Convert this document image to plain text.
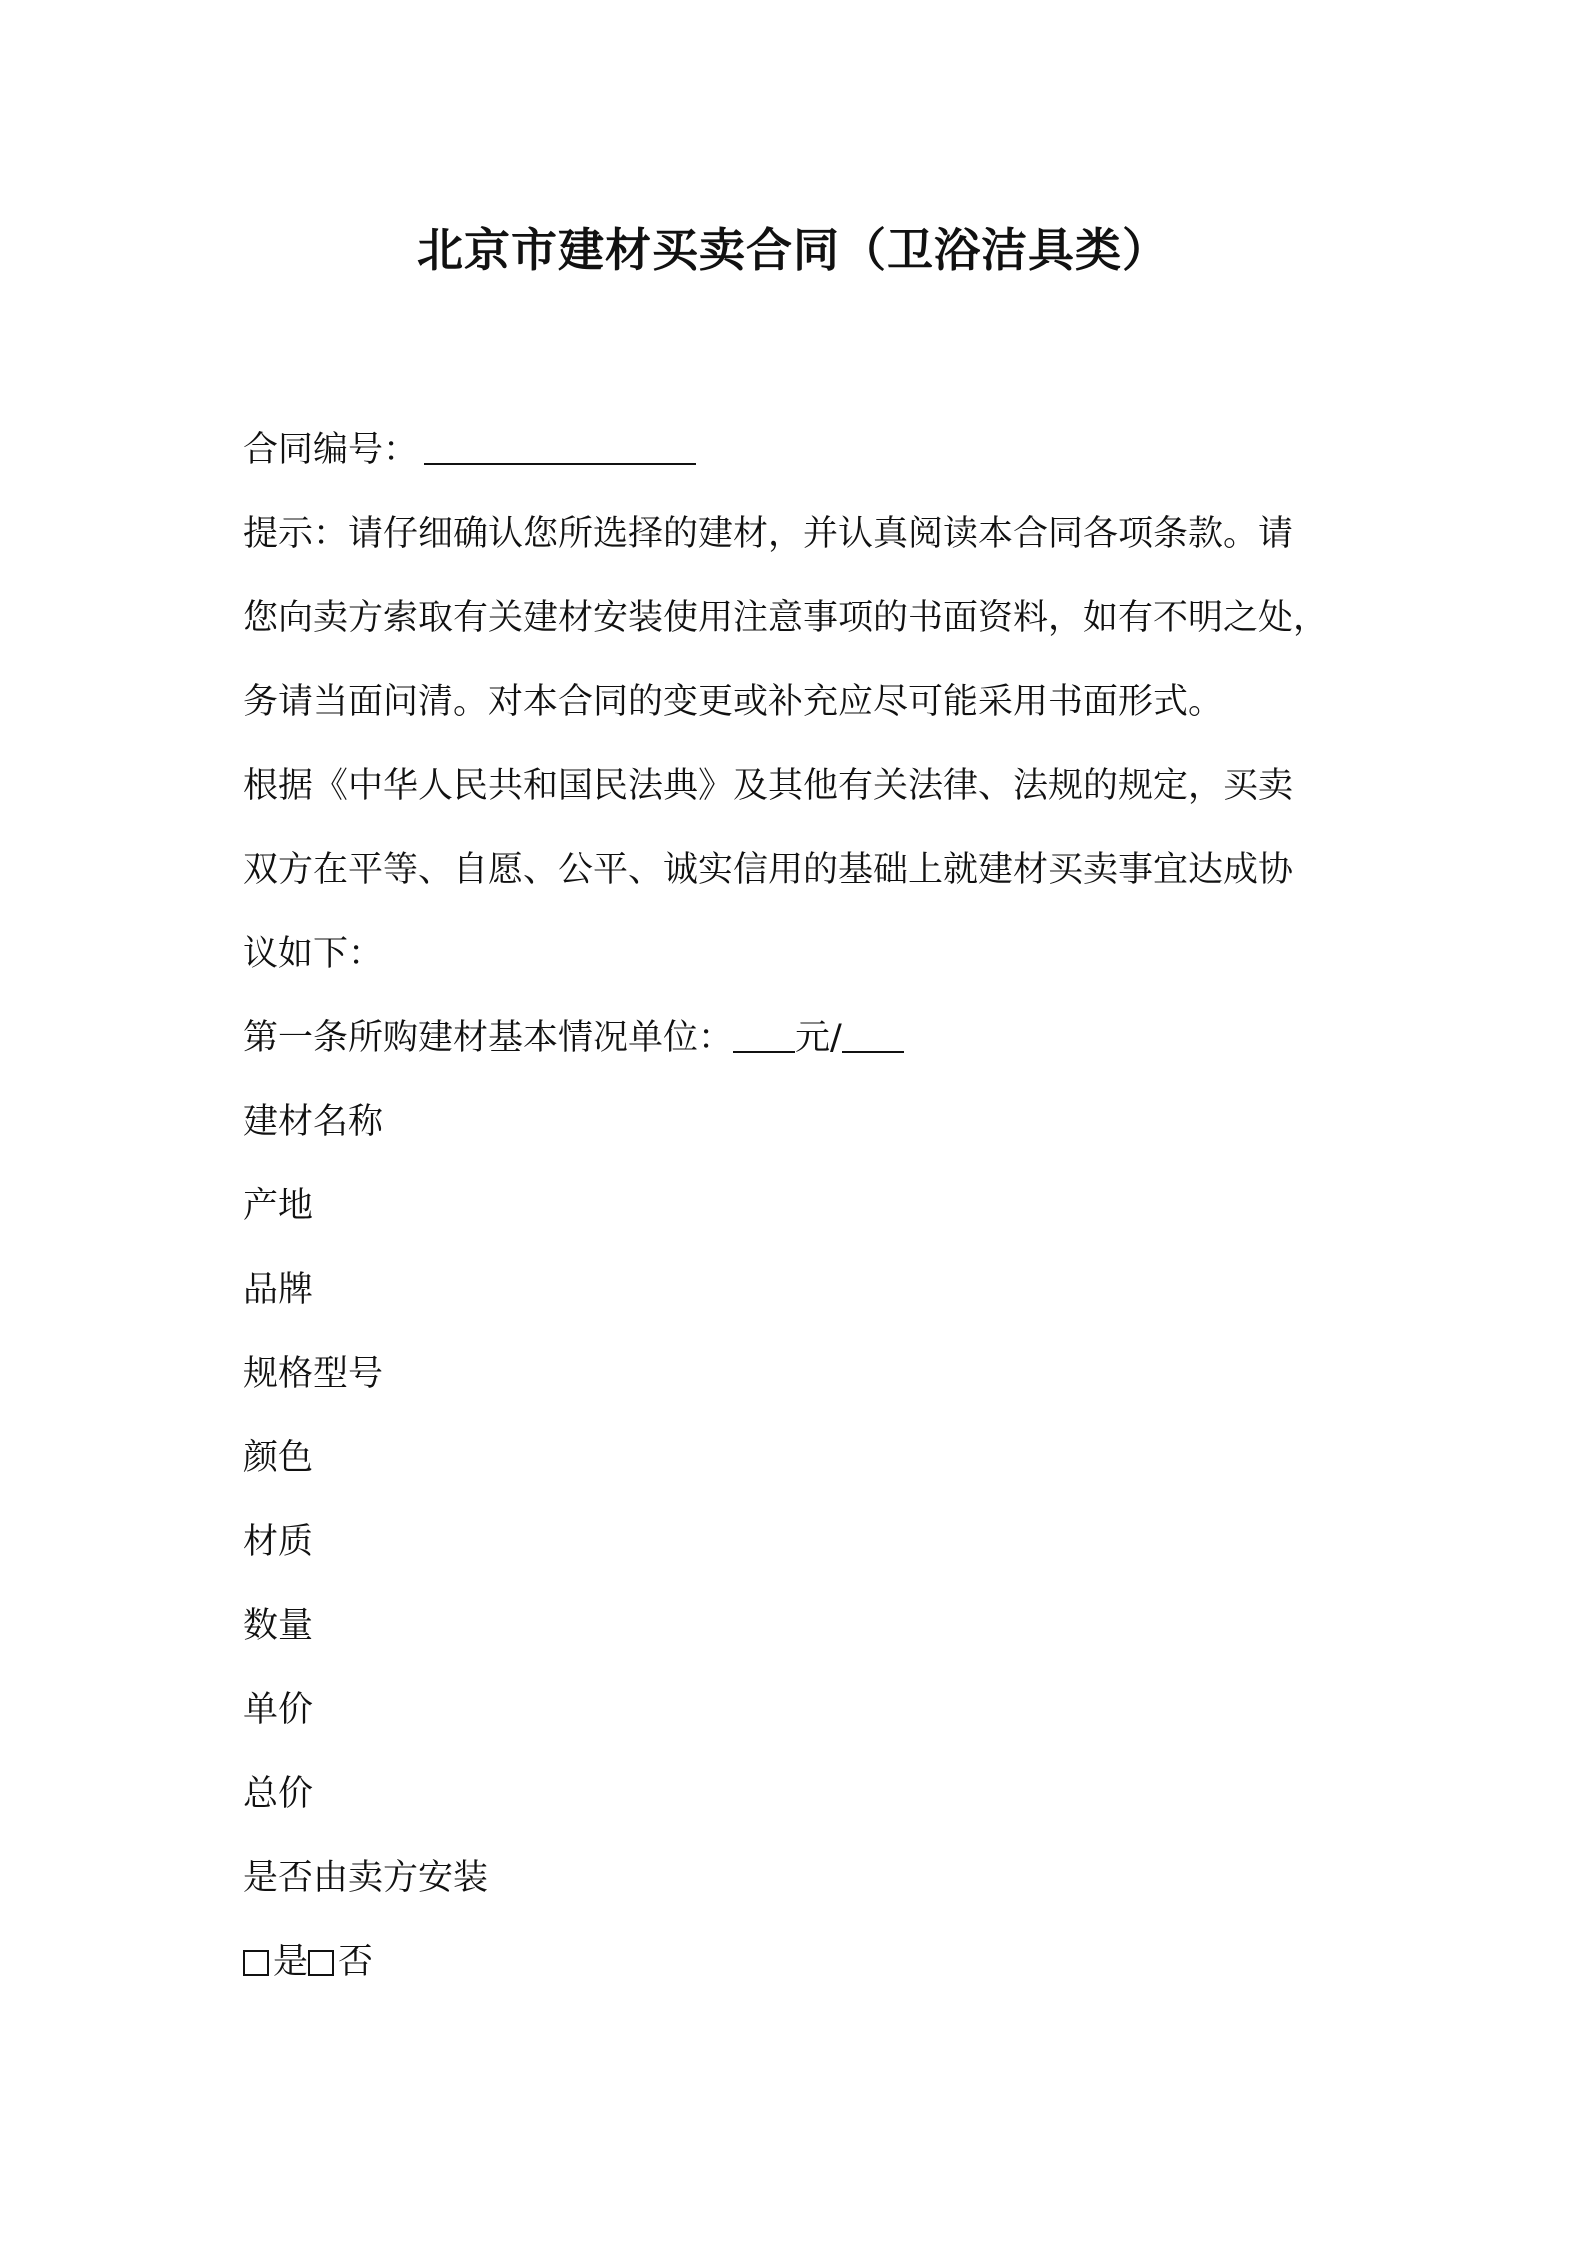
北京市建材买卖合同（卫浴洁具类）

合同编号：

提示：请仔细确认您所选择的建材，并认真阅读本合同各项条款。请

您向卖方索取有关建材安装使用注意事项的书面资料，如有不明之处，

务请当面问清。对本合同的变更或补充应尽可能采用书面形式。

根据《中华人民共和国民法典》及其他有关法律、法规的规定，买卖

双方在平等、自愿、公平、诚实信用的基础上就建材买卖事宜达成协

议如下：

第一条所购建材基本情况单位： 元/

建材名称

产地

品牌

规格型号

颜色

材质

数量

单价

总价

是否由卖方安装

是 否
